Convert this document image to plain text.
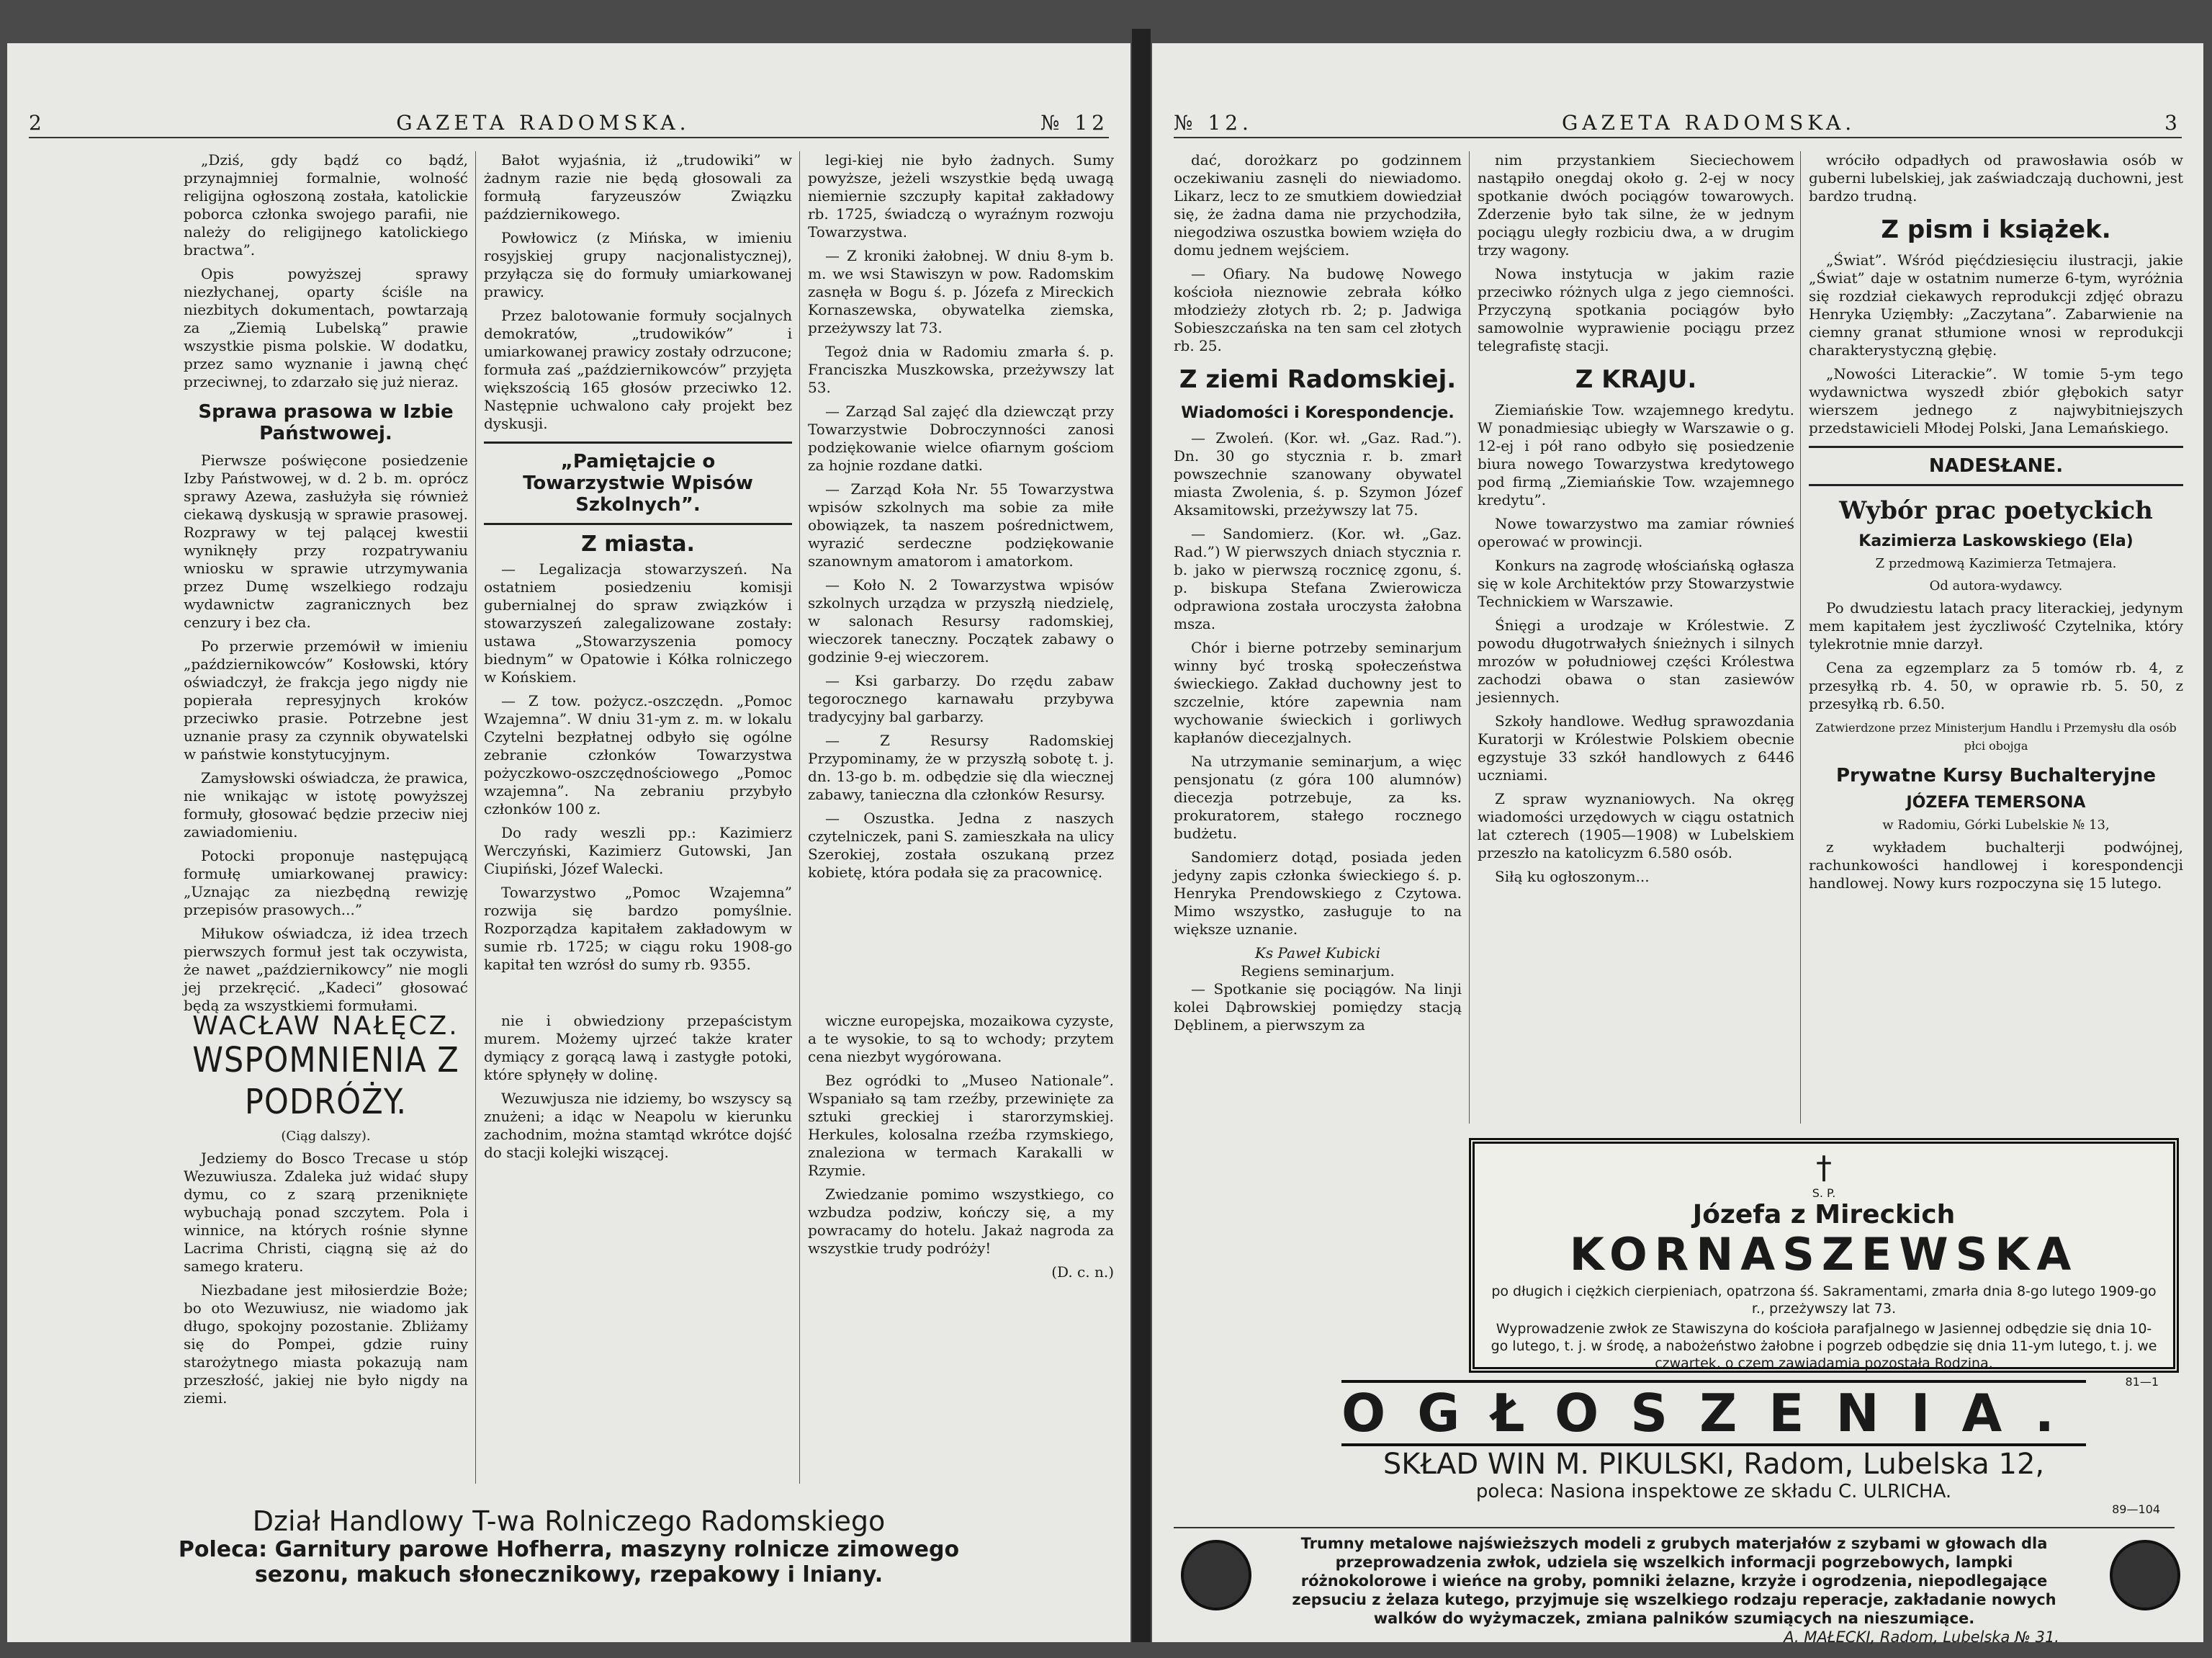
2	GAZETA RADOMSKA.	№ 12

„Dziś, gdy bądź co bądź, przynajmniej formalnie, wolność religijna ogłoszoną została, katolickie poborca członka swojego parafii, nie należy do religijnego katolickiego bractwa”.

Opis powyższej sprawy niezłychanej, oparty ściśle na niezbitych dokumentach, powtarzają za „Ziemią Lubelską” prawie wszystkie pisma polskie. W dodatku, przez samo wyznanie i jawną chęć przeciwnej, to zdarzało się już nieraz.

Sprawa prasowa w Izbie Państwowej.

Pierwsze poświęcone posiedzenie Izby Państwowej, w d. 2 b. m. oprócz sprawy Azewa, zasłużyła się również ciekawą dyskusją w sprawie prasowej. Rozprawy w tej palącej kwestii wyniknęły przy rozpatrywaniu wniosku w sprawie utrzymywania przez Dumę wszelkiego rodzaju wydawnictw zagranicznych bez cenzury i bez cła.

Po przerwie przemówił w imieniu „październikowców” Kosłowski, który oświadczył, że frakcja jego nigdy nie popierała represyjnych kroków przeciwko prasie. Potrzebne jest uznanie prasy za czynnik obywatelski w państwie konstytucyjnym.

Zamysłowski oświadcza, że prawica, nie wnikając w istotę powyższej formuły, głosować będzie przeciw niej zawiadomieniu.

Potocki proponuje następującą formułę umiarkowanej prawicy: „Uznając za niezbędną rewizję przepisów prasowych...”

Miłukow oświadcza, iż idea trzech pierwszych formuł jest tak oczywista, że nawet „październikowcy” nie mogli jej przekręcić. „Kadeci” głosować będą za wszystkiemi formułami.

WACŁAW NAŁĘCZ.
WSPOMNIENIA Z PODRÓŻY.
(Ciąg dalszy).

Jedziemy do Bosco Trecase u stóp Wezuwiusza. Zdaleka już widać słupy dymu, co z szarą przeniknięte wybuchają ponad szczytem. Pola i winnice, na których rośnie słynne Lacrima Christi, ciągną się aż do samego krateru.

Niezbadane jest miłosierdzie Boże; bo oto Wezuwiusz, nie wiadomo jak długo, spokojny pozostanie. Zbliżamy się do Pompei, gdzie ruiny starożytnego miasta pokazują nam przeszłość, jakiej nie było nigdy na ziemi.

Bałot wyjaśnia, iż „trudowiki” w żadnym razie nie będą głosowali za formułą faryzeuszów Związku październikowego.

Powłowicz (z Mińska, w imieniu rosyjskiej grupy nacjonalistycznej), przyłącza się do formuły umiarkowanej prawicy.

Przez balotowanie formuły socjalnych demokratów, „trudowików” i umiarkowanej prawicy zostały odrzucone; formuła zaś „październikowców” przyjęta większością 165 głosów przeciwko 12. Następnie uchwalono cały projekt bez dyskusji.

„Pamiętajcie o Towarzystwie Wpisów Szkolnych”.
Z miasta.

— Legalizacja stowarzyszeń. Na ostatniem posiedzeniu komisji gubernialnej do spraw związków i stowarzyszeń zalegalizowane zostały: ustawa „Stowarzyszenia pomocy biednym” w Opatowie i Kółka rolniczego w Końskiem.

— Z tow. pożycz.-oszczędn. „Pomoc Wzajemna”. W dniu 31-ym z. m. w lokalu Czytelni bezpłatnej odbyło się ogólne zebranie członków Towarzystwa pożyczkowo-oszczędnościowego „Pomoc wzajemna”. Na zebraniu przybyło członków 100 z.

Do rady weszli pp.: Kazimierz Werczyński, Kazimierz Gutowski, Jan Ciupiński, Józef Walecki.

Towarzystwo „Pomoc Wzajemna” rozwija się bardzo pomyślnie. Rozporządza kapitałem zakładowym w sumie rb. 1725; w ciągu roku 1908-go kapitał ten wzrósł do sumy rb. 9355.

nie i obwiedziony przepaścistym murem. Możemy ujrzeć także krater dymiący z gorącą lawą i zastygłe potoki, które spłynęły w dolinę.

Wezuwjusza nie idziemy, bo wszyscy są znużeni; a idąc w Neapolu w kierunku zachodnim, można stamtąd wkrótce dojść do stacji kolejki wiszącej.

legi-kiej nie było żadnych. Sumy powyższe, jeżeli wszystkie będą uwagą niemiernie szczupły kapitał zakładowy rb. 1725, świadczą o wyraźnym rozwoju Towarzystwa.

— Z kroniki żałobnej. W dniu 8-ym b. m. we wsi Stawiszyn w pow. Radomskim zasnęła w Bogu ś. p. Józefa z Mireckich Kornaszewska, obywatelka ziemska, przeżywszy lat 73.

Tegoż dnia w Radomiu zmarła ś. p. Franciszka Muszkowska, przeżywszy lat 53.

— Zarząd Sal zajęć dla dziewcząt przy Towarzystwie Dobroczynności zanosi podziękowanie wielce ofiarnym gościom za hojnie rozdane datki.

— Zarząd Koła Nr. 55 Towarzystwa wpisów szkolnych ma sobie za miłe obowiązek, ta naszem pośrednictwem, wyrazić serdeczne podziękowanie szanownym amatorom i amatorkom.

— Koło N. 2 Towarzystwa wpisów szkolnych urządza w przyszłą niedzielę, w salonach Resursy radomskiej, wieczorek taneczny. Początek zabawy o godzinie 9-ej wieczorem.

— Ksi garbarzy. Do rzędu zabaw tegorocznego karnawału przybywa tradycyjny bal garbarzy.

— Z Resursy Radomskiej Przypominamy, że w przyszłą sobotę t. j. dn. 13-go b. m. odbędzie się dla wiecznej zabawy, tanieczna dla członków Resursy.

— Oszustka. Jedna z naszych czytelniczek, pani S. zamieszkała na ulicy Szerokiej, została oszukaną przez kobietę, która podała się za pracownicę.

wiczne europejska, mozaikowa cyzyste, a te wysokie, to są to wchody; przytem cena niezbyt wygórowana.

Bez ogródki to „Museo Nationale”. Wspaniało są tam rzeźby, przewinięte za sztuki greckiej i starorzymskiej. Herkules, kolosalna rzeźba rzymskiego, znaleziona w termach Karakalli w Rzymie.

Zwiedzanie pomimo wszystkiego, co wzbudza podziw, kończy się, a my powracamy do hotelu. Jakaż nagroda za wszystkie trudy podróży!

(D. c. n.)
Dział Handlowy T-wa Rolniczego Radomskiego
Poleca: Garnitury parowe Hofherra, maszyny rolnicze zimowego sezonu, makuch słonecznikowy, rzepakowy i lniany.
№ 12.	GAZETA RADOMSKA.	3

dać, dorożkarz po godzinnem oczekiwaniu zasnęli do niewiadomo. Likarz, lecz to ze smutkiem dowiedział się, że żadna dama nie przychodziła, niegodziwa oszustka bowiem wzięła do domu jednem wejściem.

— Ofiary. Na budowę Nowego kościoła nieznowie zebrała kółko młodzieży złotych rb. 2; p. Jadwiga Sobieszczańska na ten sam cel złotych rb. 25.

Z ziemi Radomskiej.
Wiadomości i Korespondencje.

— Zwoleń. (Kor. wł. „Gaz. Rad.”). Dn. 30 go stycznia r. b. zmarł powszechnie szanowany obywatel miasta Zwolenia, ś. p. Szymon Józef Aksamitowski, przeżywszy lat 75.

— Sandomierz. (Kor. wł. „Gaz. Rad.”) W pierwszych dniach stycznia r. b. jako w pierwszą rocznicę zgonu, ś. p. biskupa Stefana Zwierowicza odprawiona została uroczysta żałobna msza.

Chór i bierne potrzeby seminarjum winny być troską społeczeństwa świeckiego. Zakład duchowny jest to szczelnie, które zapewnia nam wychowanie świeckich i gorliwych kapłanów diecezjalnych.

Na utrzymanie seminarjum, a więc pensjonatu (z góra 100 alumnów) diecezja potrzebuje, za ks. prokuratorem, stałego rocznego budżetu.

Sandomierz dotąd, posiada jeden jedyny zapis członka świeckiego ś. p. Henryka Prendowskiego z Czytowa. Mimo wszystko, zasługuje to na większe uznanie.

Ks Paweł Kubicki
Regiens seminarjum.

— Spotkanie się pociągów. Na linji kolei Dąbrowskiej pomiędzy stacją Dęblinem, a pierwszym za

nim przystankiem Sieciechowem nastąpiło onegdaj około g. 2-ej w nocy spotkanie dwóch pociągów towarowych. Zderzenie było tak silne, że w jednym pociągu uległy rozbiciu dwa, a w drugim trzy wagony.

Nowa instytucja w jakim razie przeciwko różnych ulga z jego ciemności. Przyczyną spotkania pociągów było samowolnie wyprawienie pociągu przez telegrafistę stacji.

Z KRAJU.

Ziemiańskie Tow. wzajemnego kredytu. W ponadmiesiąc ubiegły w Warszawie o g. 12-ej i pół rano odbyło się posiedzenie biura nowego Towarzystwa kredytowego pod firmą „Ziemiańskie Tow. wzajemnego kredytu”.

Nowe towarzystwo ma zamiar równieś operować w prowincji.

Konkurs na zagrodę włościańską ogłasza się w kole Architektów przy Stowarzystwie Technickiem w Warszawie.

Śnięgi a urodzaje w Królestwie. Z powodu długotrwałych śnieżnych i silnych mrozów w południowej części Królestwa zachodzi obawa o stan zasiewów jesiennych.

Szkoły handlowe. Według sprawozdania Kuratorji w Królestwie Polskiem obecnie egzystuje 33 szkół handlowych z 6446 uczniami.

Z spraw wyznaniowych. Na okręg wiadomości urzędowych w ciągu ostatnich lat czterech (1905—1908) w Lubelskiem przeszło na katolicyzm 6.580 osób.

Siłą ku ogłoszonym...

wróciło odpadłych od prawosławia osób w guberni lubelskiej, jak zaświadczają duchowni, jest bardzo trudną.

Z pism i książek.

„Świat”. Wśród pięćdziesięciu ilustracji, jakie „Świat” daje w ostatnim numerze 6-tym, wyróżnia się rozdział ciekawych reprodukcji zdjęć obrazu Henryka Uzięmbły: „Zaczytana”. Zabarwienie na ciemny granat stłumione wnosi w reprodukcji charakterystyczną głębię.

„Nowości Literackie”. W tomie 5-ym tego wydawnictwa wyszedł zbiór głębokich satyr wierszem jednego z najwybitniejszych przedstawicieli Młodej Polski, Jana Lemańskiego.

NADESŁANE.
Wybór prac poetyckich
Kazimierza Laskowskiego (Ela)
Z przedmową Kazimierza Tetmajera.
Od autora-wydawcy.

Po dwudziestu latach pracy literackiej, jedynym mem kapitałem jest życzliwość Czytelnika, który tylekrotnie mnie darzył.

Cena za egzemplarz za 5 tomów rb. 4, z przesyłką rb. 4. 50, w oprawie rb. 5. 50, z przesyłką rb. 6.50.

Zatwierdzone przez Ministerjum Handlu i Przemysłu dla osób płci obojga
Prywatne Kursy Buchalteryjne
JÓZEFA TEMERSONA
w Radomiu, Górki Lubelskie № 13,

z wykładem buchalterji podwójnej, rachunkowości handlowej i korespondencji handlowej. Nowy kurs rozpoczyna się 15 lutego.

†
S. P.
Józefa z Mireckich
KORNASZEWSKA
po długich i ciężkich cierpieniach, opatrzona śś. Sakramentami, zmarła dnia 8-go lutego 1909-go r., przeżywszy lat 73.
Wyprowadzenie zwłok ze Stawiszyna do kościoła parafjalnego w Jasiennej odbędzie się dnia 10-go lutego, t. j. w środę, a nabożeństwo żałobne i pogrzeb odbędzie się dnia 11-ym lutego, t. j. we czwartek, o czem zawiadamia pozostała Rodzina.
81—1
OGŁOSZENIA.
SKŁAD WIN M. PIKULSKI, Radom, Lubelska 12,
poleca: Nasiona inspektowe ze składu C. ULRICHA.
89—104
Trumny metalowe najświeższych modeli z grubych materjałów z szybami w głowach dla przeprowadzenia zwłok, udziela się wszelkich informacji pogrzebowych, lampki różnokolorowe i wieńce na groby, pomniki żelazne, krzyże i ogrodzenia, niepodlegające zepsuciu z żelaza kutego, przyjmuje się wszelkiego rodzaju reperacje, zakładanie nowych walków do wyżymaczek, zmiana palników szumiących na nieszumiące.
A. MAŁECKI, Radom, Lubelska № 31.
